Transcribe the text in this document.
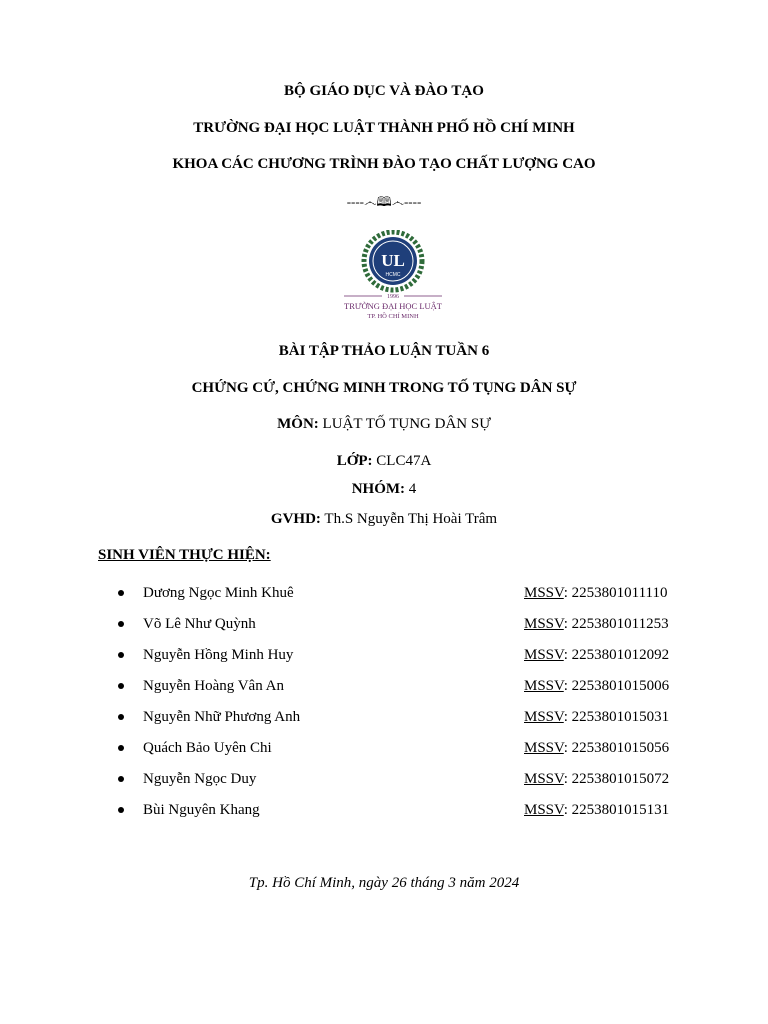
BỘ GIÁO DỤC VÀ ĐÀO TẠO
TRƯỜNG ĐẠI HỌC LUẬT THÀNH PHỐ HỒ CHÍ MINH
KHOA CÁC CHƯƠNG TRÌNH ĐÀO TẠO CHẤT LƯỢNG CAO
----෴🕮෴----
UL
HCMC
1996
TRƯỜNG ĐẠI HỌC LUẬT
TP. HỒ CHÍ MINH
BÀI TẬP THẢO LUẬN TUẦN 6
CHỨNG CỨ, CHỨNG MINH TRONG TỐ TỤNG DÂN SỰ
MÔN: LUẬT TỐ TỤNG DÂN SỰ
LỚP: CLC47A
NHÓM: 4
GVHD: Th.S Nguyễn Thị Hoài Trâm
SINH VIÊN THỰC HIỆN:
Dương Ngọc Minh Khuê	MSSV: 2253801011110
Võ Lê Như Quỳnh	MSSV: 2253801011253
Nguyễn Hồng Minh Huy	MSSV: 2253801012092
Nguyễn Hoàng Vân An	MSSV: 2253801015006
Nguyễn Nhữ Phương Anh	MSSV: 2253801015031
Quách Bảo Uyên Chi	MSSV: 2253801015056
Nguyễn Ngọc Duy	MSSV: 2253801015072
Bùi Nguyên Khang	MSSV: 2253801015131
Tp. Hồ Chí Minh, ngày 26 tháng 3 năm 2024
